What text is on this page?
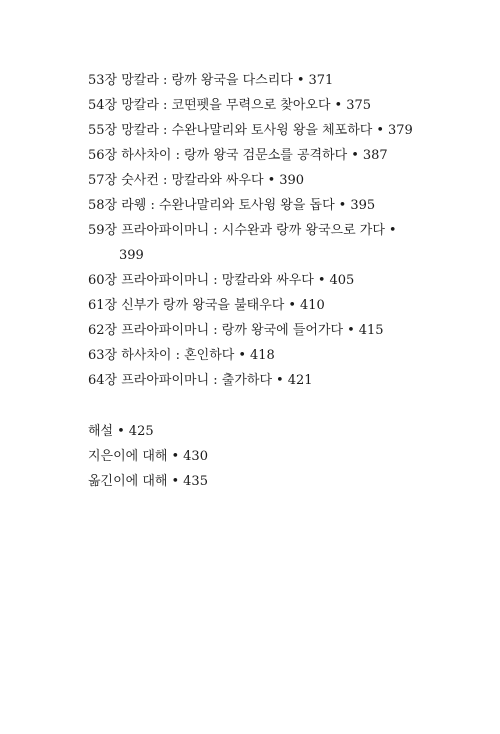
53장 망칼라 : 랑까 왕국을 다스리다 • 371
54장 망칼라 : 코떤펫을 무력으로 찾아오다 • 375
55장 망칼라 : 수완나말리와 토사윙 왕을 체포하다 • 379
56장 하사차이 : 랑까 왕국 검문소를 공격하다 • 387
57장 숫사컨 : 망칼라와 싸우다 • 390
58장 라웽 : 수완나말리와 토사윙 왕을 돕다 • 395
59장 프라아파이마니 : 시수완과 랑까 왕국으로 가다 •
399
60장 프라아파이마니 : 망칼라와 싸우다 • 405
61장 신부가 랑까 왕국을 불태우다 • 410
62장 프라아파이마니 : 랑까 왕국에 들어가다 • 415
63장 하사차이 : 혼인하다 • 418
64장 프라아파이마니 : 출가하다 • 421
해설 • 425
지은이에 대해 • 430
옮긴이에 대해 • 435
